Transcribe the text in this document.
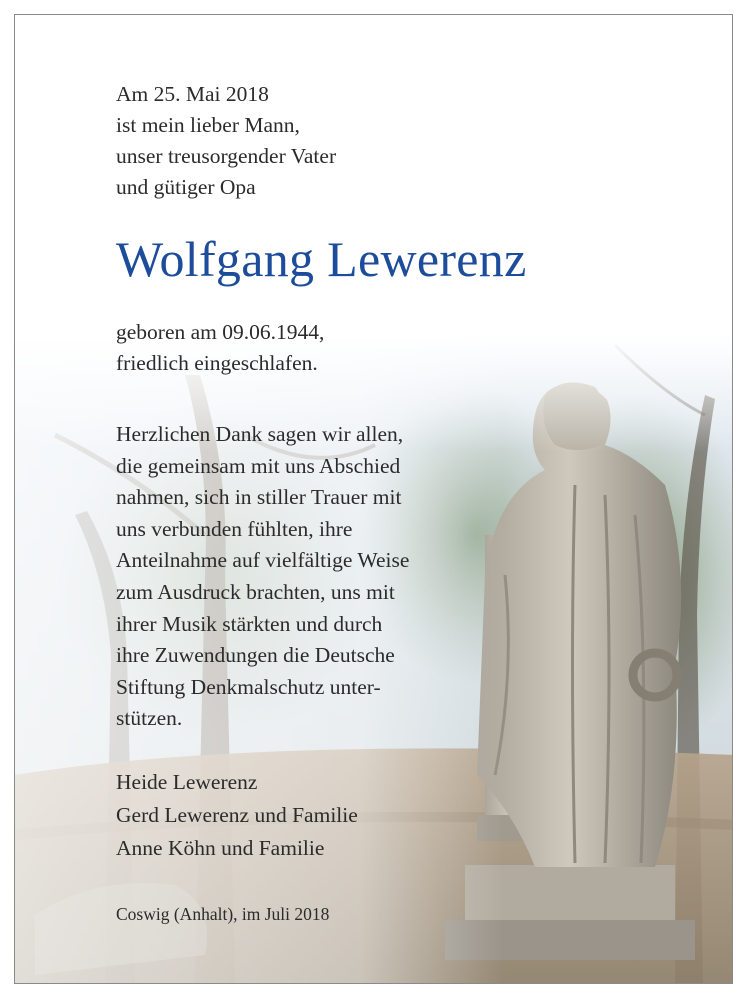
Am 25. Mai 2018
ist mein lieber Mann,
unser treusorgender Vater
und gütiger Opa
Wolfgang Lewerenz
geboren am 09.06.1944,
friedlich eingeschlafen.
Herzlichen Dank sagen wir allen,
die gemeinsam mit uns Abschied
nahmen, sich in stiller Trauer mit
uns verbunden fühlten, ihre
Anteilnahme auf vielfältige Weise
zum Ausdruck brachten, uns mit
ihrer Musik stärkten und durch
ihre Zuwendungen die Deutsche
Stiftung Denkmalschutz unter-
stützen.
Heide Lewerenz
Gerd Lewerenz und Familie
Anne Köhn und Familie
Coswig (Anhalt), im Juli 2018
